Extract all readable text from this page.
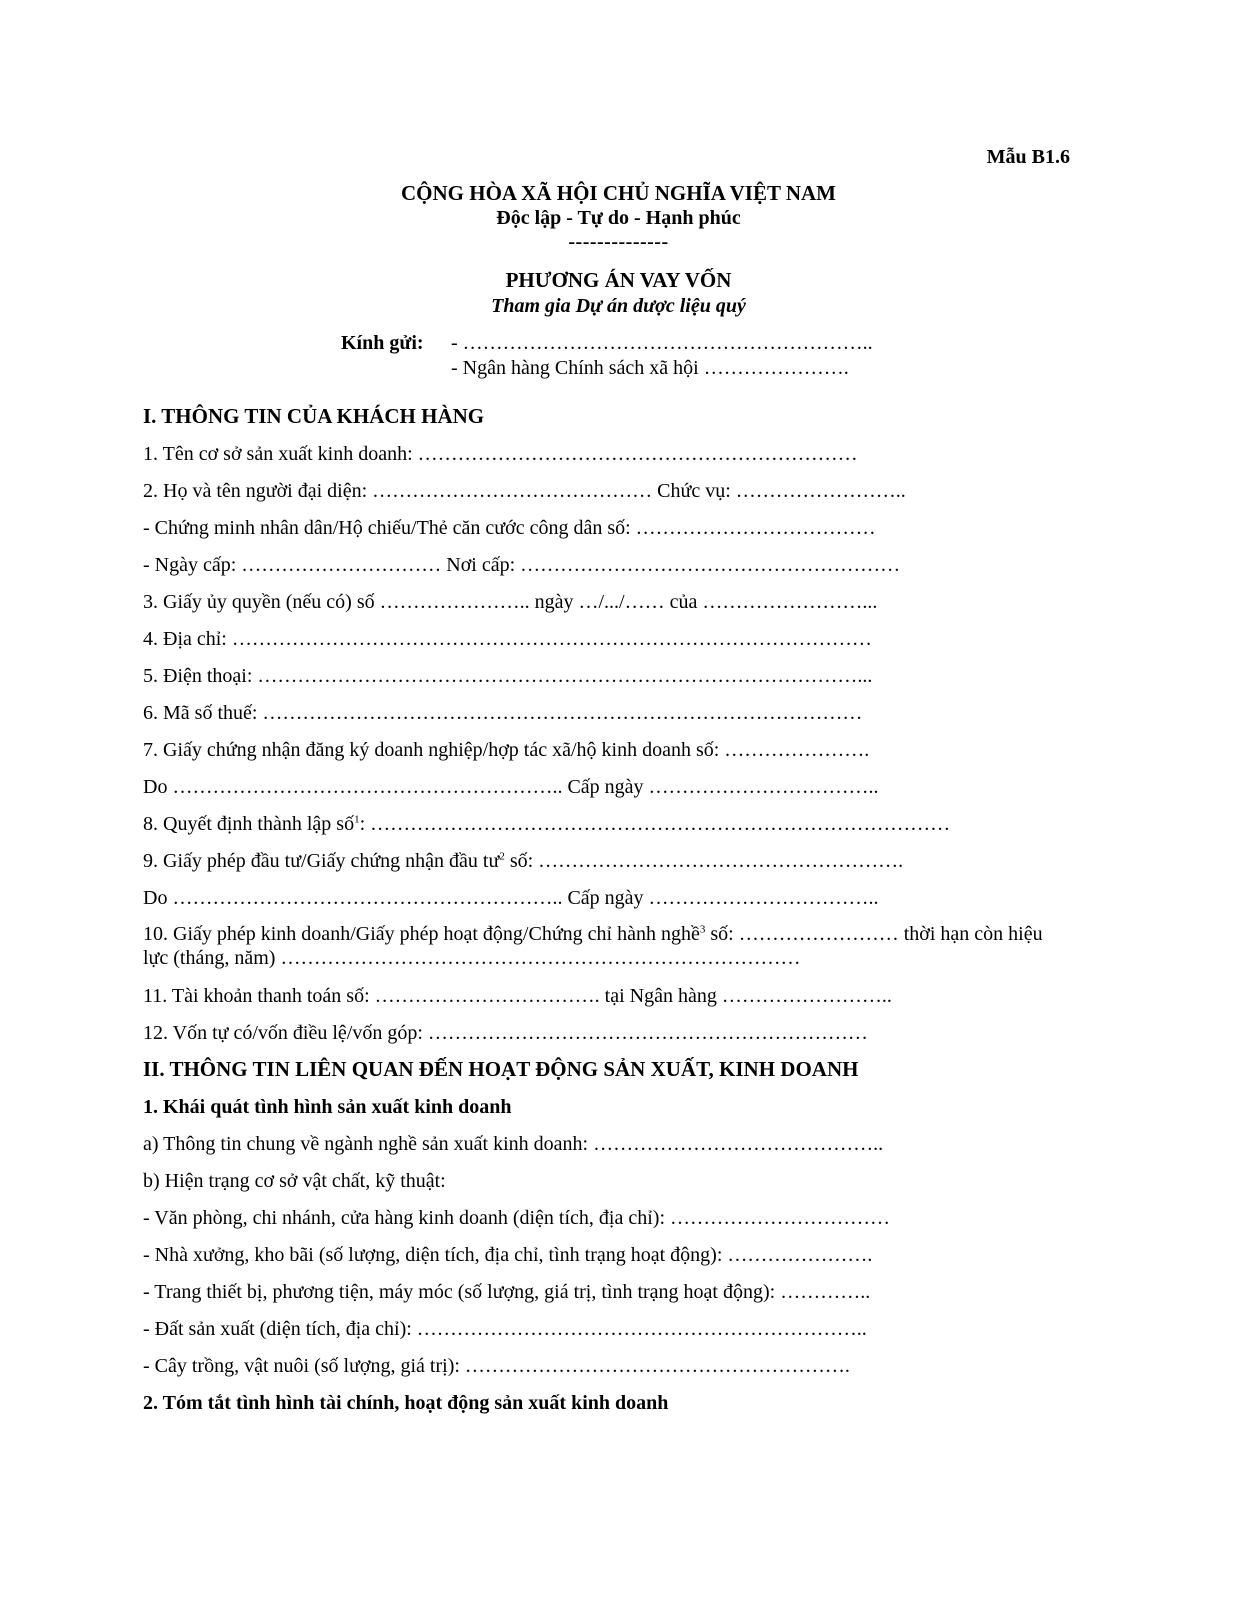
Mẫu B1.6
CỘNG HÒA XÃ HỘI CHỦ NGHĨA VIỆT NAM
Độc lập - Tự do - Hạnh phúc
--------------
PHƯƠNG ÁN VAY VỐN
Tham gia Dự án dược liệu quý
Kính gửi: - ……………………………………………………..
- Ngân hàng Chính sách xã hội ………………….
I. THÔNG TIN CỦA KHÁCH HÀNG
1. Tên cơ sở sản xuất kinh doanh: …………………………………………………………
2. Họ và tên người đại diện: …………………………………… Chức vụ: ……………………..
- Chứng minh nhân dân/Hộ chiếu/Thẻ căn cước công dân số: ………………………………
- Ngày cấp: ………………………… Nơi cấp: …………………………………………………
3. Giấy ủy quyền (nếu có) số ………………….. ngày …/.../…… của ……………………...
4. Địa chỉ: ……………………………………………………………………………………
5. Điện thoại: ………………………………………………………………………………...
6. Mã số thuế: ………………………………………………………………………………
7. Giấy chứng nhận đăng ký doanh nghiệp/hợp tác xã/hộ kinh doanh số: ………………….
Do ………………………………………………….. Cấp ngày ……………………………..
8. Quyết định thành lập số$^1$: ……………………………………………………………………………
9. Giấy phép đầu tư/Giấy chứng nhận đầu $tư^2$ số: ……………………………………………….
Do ………………………………………………….. Cấp ngày ……………………………..
10. Giấy phép kinh doanh/Giấy phép hoạt động/Chứng chỉ hành nghề$^3$ số: …………………… thời hạn còn hiệu lực (tháng, năm) ……………………………………………………………………
11. Tài khoản thanh toán số: ……………………………. tại Ngân hàng ……………………..
12. Vốn tự có/vốn điều lệ/vốn góp: …………………………………………………………
II. THÔNG TIN LIÊN QUAN ĐẾN HOẠT ĐỘNG SẢN XUẤT, KINH DOANH
1. Khái quát tình hình sản xuất kinh doanh
a) Thông tin chung về ngành nghề sản xuất kinh doanh: ……………………………………..
b) Hiện trạng cơ sở vật chất, kỹ thuật:
- Văn phòng, chi nhánh, cửa hàng kinh doanh (diện tích, địa chỉ): ……………………………
- Nhà xưởng, kho bãi (số lượng, diện tích, địa chỉ, tình trạng hoạt động): ………………….
- Trang thiết bị, phương tiện, máy móc (số lượng, giá trị, tình trạng hoạt động): …………..
- Đất sản xuất (diện tích, địa chỉ): …………………………………………………………..
- Cây trồng, vật nuôi (số lượng, giá trị): ………………………………………………….
2. Tóm tắt tình hình tài chính, hoạt động sản xuất kinh doanh
